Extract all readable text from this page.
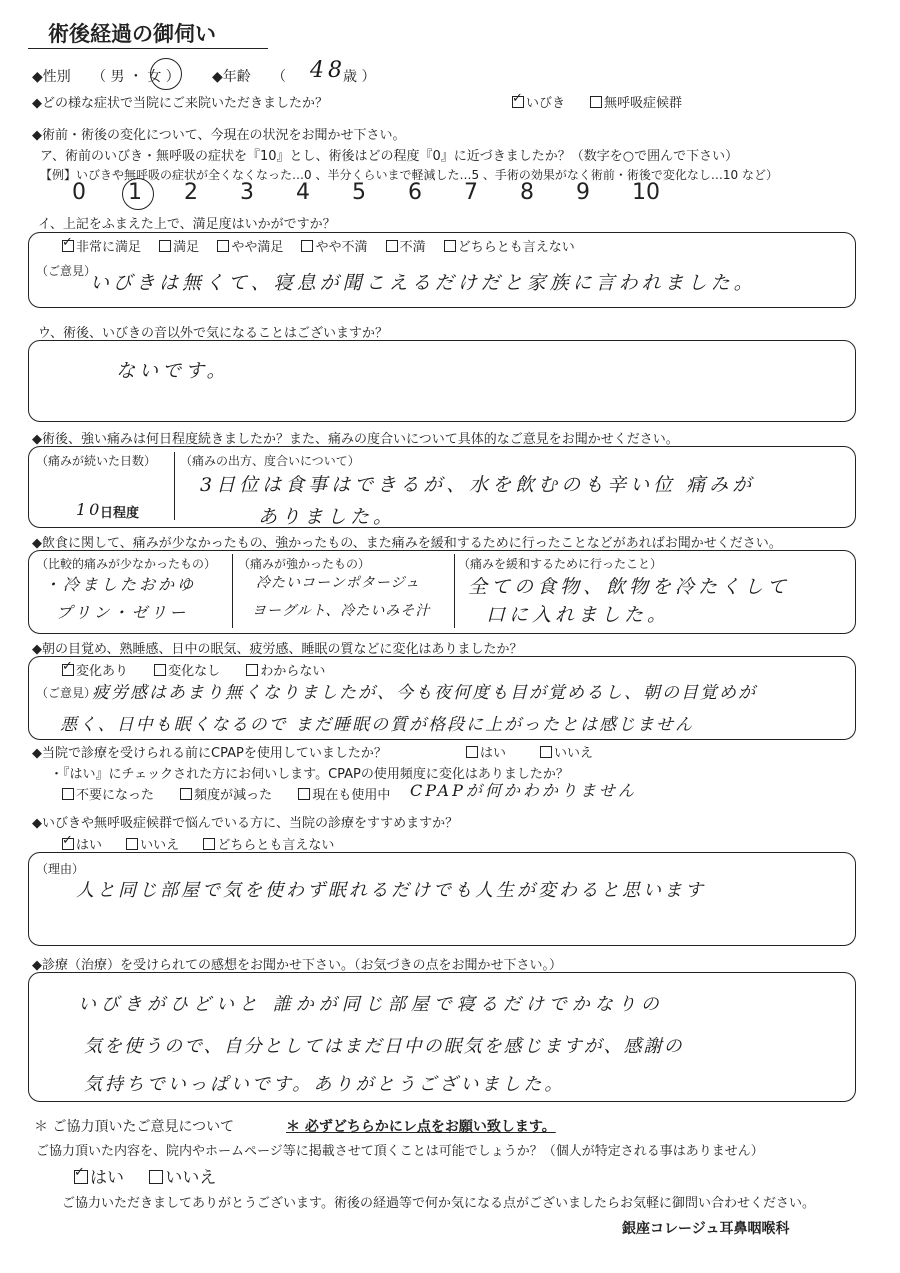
術後経過の御伺い
◆性別 （ 男 ・ 女 ） ◆年齢 （ 48
歳 ）
◆どの様な症状で当院にご来院いただきましたか？
✓	いびき	無呼吸症候群
◆術前・術後の変化について、今現在の状況をお聞かせ下さい。
ア、術前のいびき・無呼吸の症状を『10』とし、術後はどの程度『0』に近づきましたか？（数字を○で囲んで下さい）
【例】いびきや無呼吸の症状が全くなくなった…0 、半分くらいまで軽減した…5 、手術の効果がなく術前・術後で変化なし…10 など）
0 1 2 3 4 5 6 7 8 9 10
イ、上記をふまえた上で、満足度はいかがですか？
✓非常に満足 満足 やや満足 やや不満 不満 どちらとも言えない
（ご意見）
いびきは無くて、寝息が聞こえるだけだと家族に言われました。
ウ、術後、いびきの音以外で気になることはございますか？
ないです。
◆術後、強い痛みは何日程度続きましたか？また、痛みの度合いについて具体的なご意見をお聞かせください。
（痛みが続いた日数）
10
日程度
（痛みの出方、度合いについて）
3日位は食事はできるが、水を飲むのも辛い位 痛みが
ありました。
◆飲食に関して、痛みが少なかったもの、強かったもの、また痛みを緩和するために行ったことなどがあればお聞かせください。
（比較的痛みが少なかったもの）
・冷ましたおかゆ
プリン・ゼリー
（痛みが強かったもの）
冷たいコーンポタージュ
ヨーグルト、冷たいみそ汁
（痛みを緩和するために行ったこと）
全ての食物、飲物を冷たくして
口に入れました。
◆朝の目覚め、熟睡感、日中の眠気、疲労感、睡眠の質などに変化はありましたか？
✓変化あり	変化なし	わからない
（ご意見）
疲労感はあまり無くなりましたが、今も夜何度も目が覚めるし、朝の目覚めが
悪く、日中も眠くなるので まだ睡眠の質が格段に上がったとは感じません
◆当院で診療を受けられる前にCPAPを使用していましたか？	はい	いいえ
・『はい』にチェックされた方にお伺いします。CPAPの使用頻度に変化はありましたか？
不要になった	頻度が減った	現在も使用中 CPAPが何かわかりません
◆いびきや無呼吸症候群で悩んでいる方に、当院の診療をすすめますか？
✓はい	いいえ	どちらとも言えない
（理由）
人と同じ部屋で気を使わず眠れるだけでも人生が変わると思います
◆診療（治療）を受けられての感想をお聞かせ下さい。（お気づきの点をお聞かせ下さい。）
いびきがひどいと 誰かが同じ部屋で寝るだけでかなりの
気を使うので、自分としてはまだ日中の眠気を感じますが、感謝の
気持ちでいっぱいです。ありがとうございました。
＊ ご協力頂いたご意見について	＊ 必ずどちらかにレ点をお願い致します。
ご協力頂いた内容を、院内やホームページ等に掲載させて頂くことは可能でしょうか？（個人が特定される事はありません）
✓はい いいえ
ご協力いただきましてありがとうございます。術後の経過等で何か気になる点がございましたらお気軽に御問い合わせください。
銀座コレージュ耳鼻咽喉科
